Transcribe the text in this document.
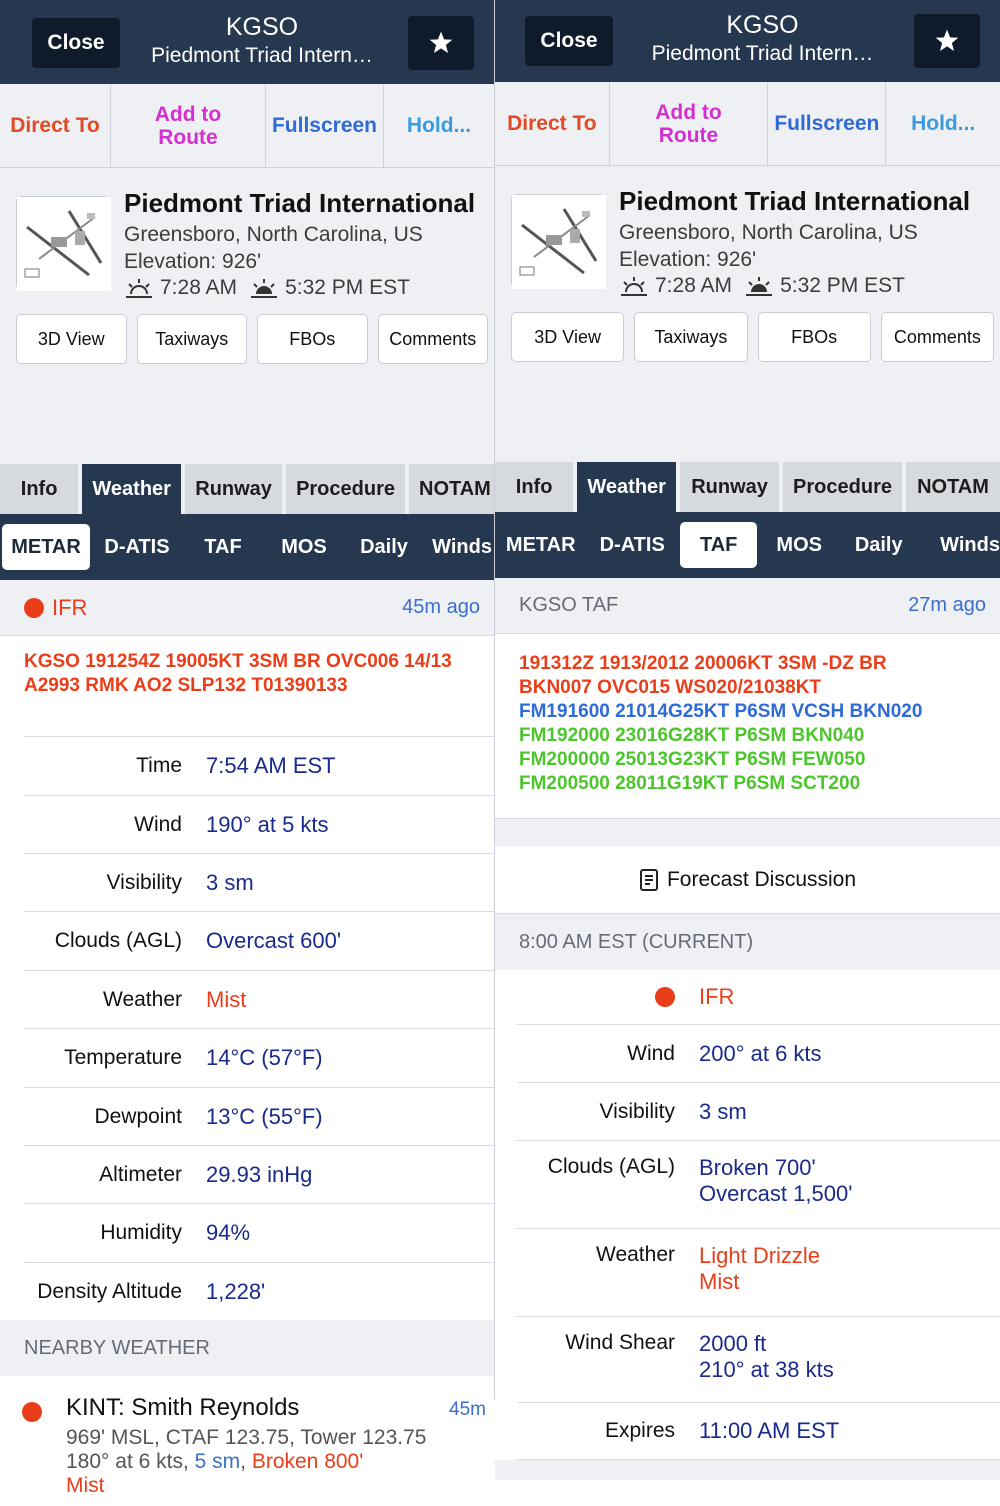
Close
KGSO
Piedmont Triad Intern…
Direct To	Add to Route	Fullscreen	Hold...
Piedmont Triad International
Greensboro, North Carolina, US
Elevation: 926'
7:28 AM 5:32 PM EST
3D View	Taxiways	FBOs	Comments
Info	Weather	Runway	Procedure	NOTAM
METAR	D-ATIS	TAF	MOS	Daily	Winds
IFR	45m ago
KGSO 191254Z 19005KT 3SM BR OVC006 14/13 A2993 RMK AO2 SLP132 T01390133
Time	7:54 AM EST
Wind	190° at 5 kts
Visibility	3 sm
Clouds (AGL)	Overcast 600'
Weather	Mist
Temperature	14°C (57°F)
Dewpoint	13°C (55°F)
Altimeter	29.93 inHg
Humidity	94%
Density Altitude	1,228'
NEARBY WEATHER
KINT: Smith Reynolds	45m
969' MSL, CTAF 123.75, Tower 123.75
180° at 6 kts, 5 sm, Broken 800'
Mist
Close
KGSO
Piedmont Triad Intern…
Direct To	Add to Route	Fullscreen	Hold...
Piedmont Triad International
Greensboro, North Carolina, US
Elevation: 926'
7:28 AM 5:32 PM EST
3D View	Taxiways	FBOs	Comments
Info	Weather	Runway	Procedure	NOTAM
METAR	D-ATIS	TAF	MOS	Daily	Winds
KGSO TAF	27m ago
191312Z 1913/2012 20006KT 3SM -DZ BR
BKN007 OVC015 WS020/21038KT
FM191600 21014G25KT P6SM VCSH BKN020
FM192000 23016G28KT P6SM BKN040
FM200000 25013G23KT P6SM FEW050
FM200500 28011G19KT P6SM SCT200
Forecast Discussion
8:00 AM EST (CURRENT)
IFR
Wind	200° at 6 kts
Visibility	3 sm
Clouds (AGL)	Broken 700'
Overcast 1,500'
Weather	Light Drizzle
Mist
Wind Shear	2000 ft
210° at 38 kts
Expires	11:00 AM EST
